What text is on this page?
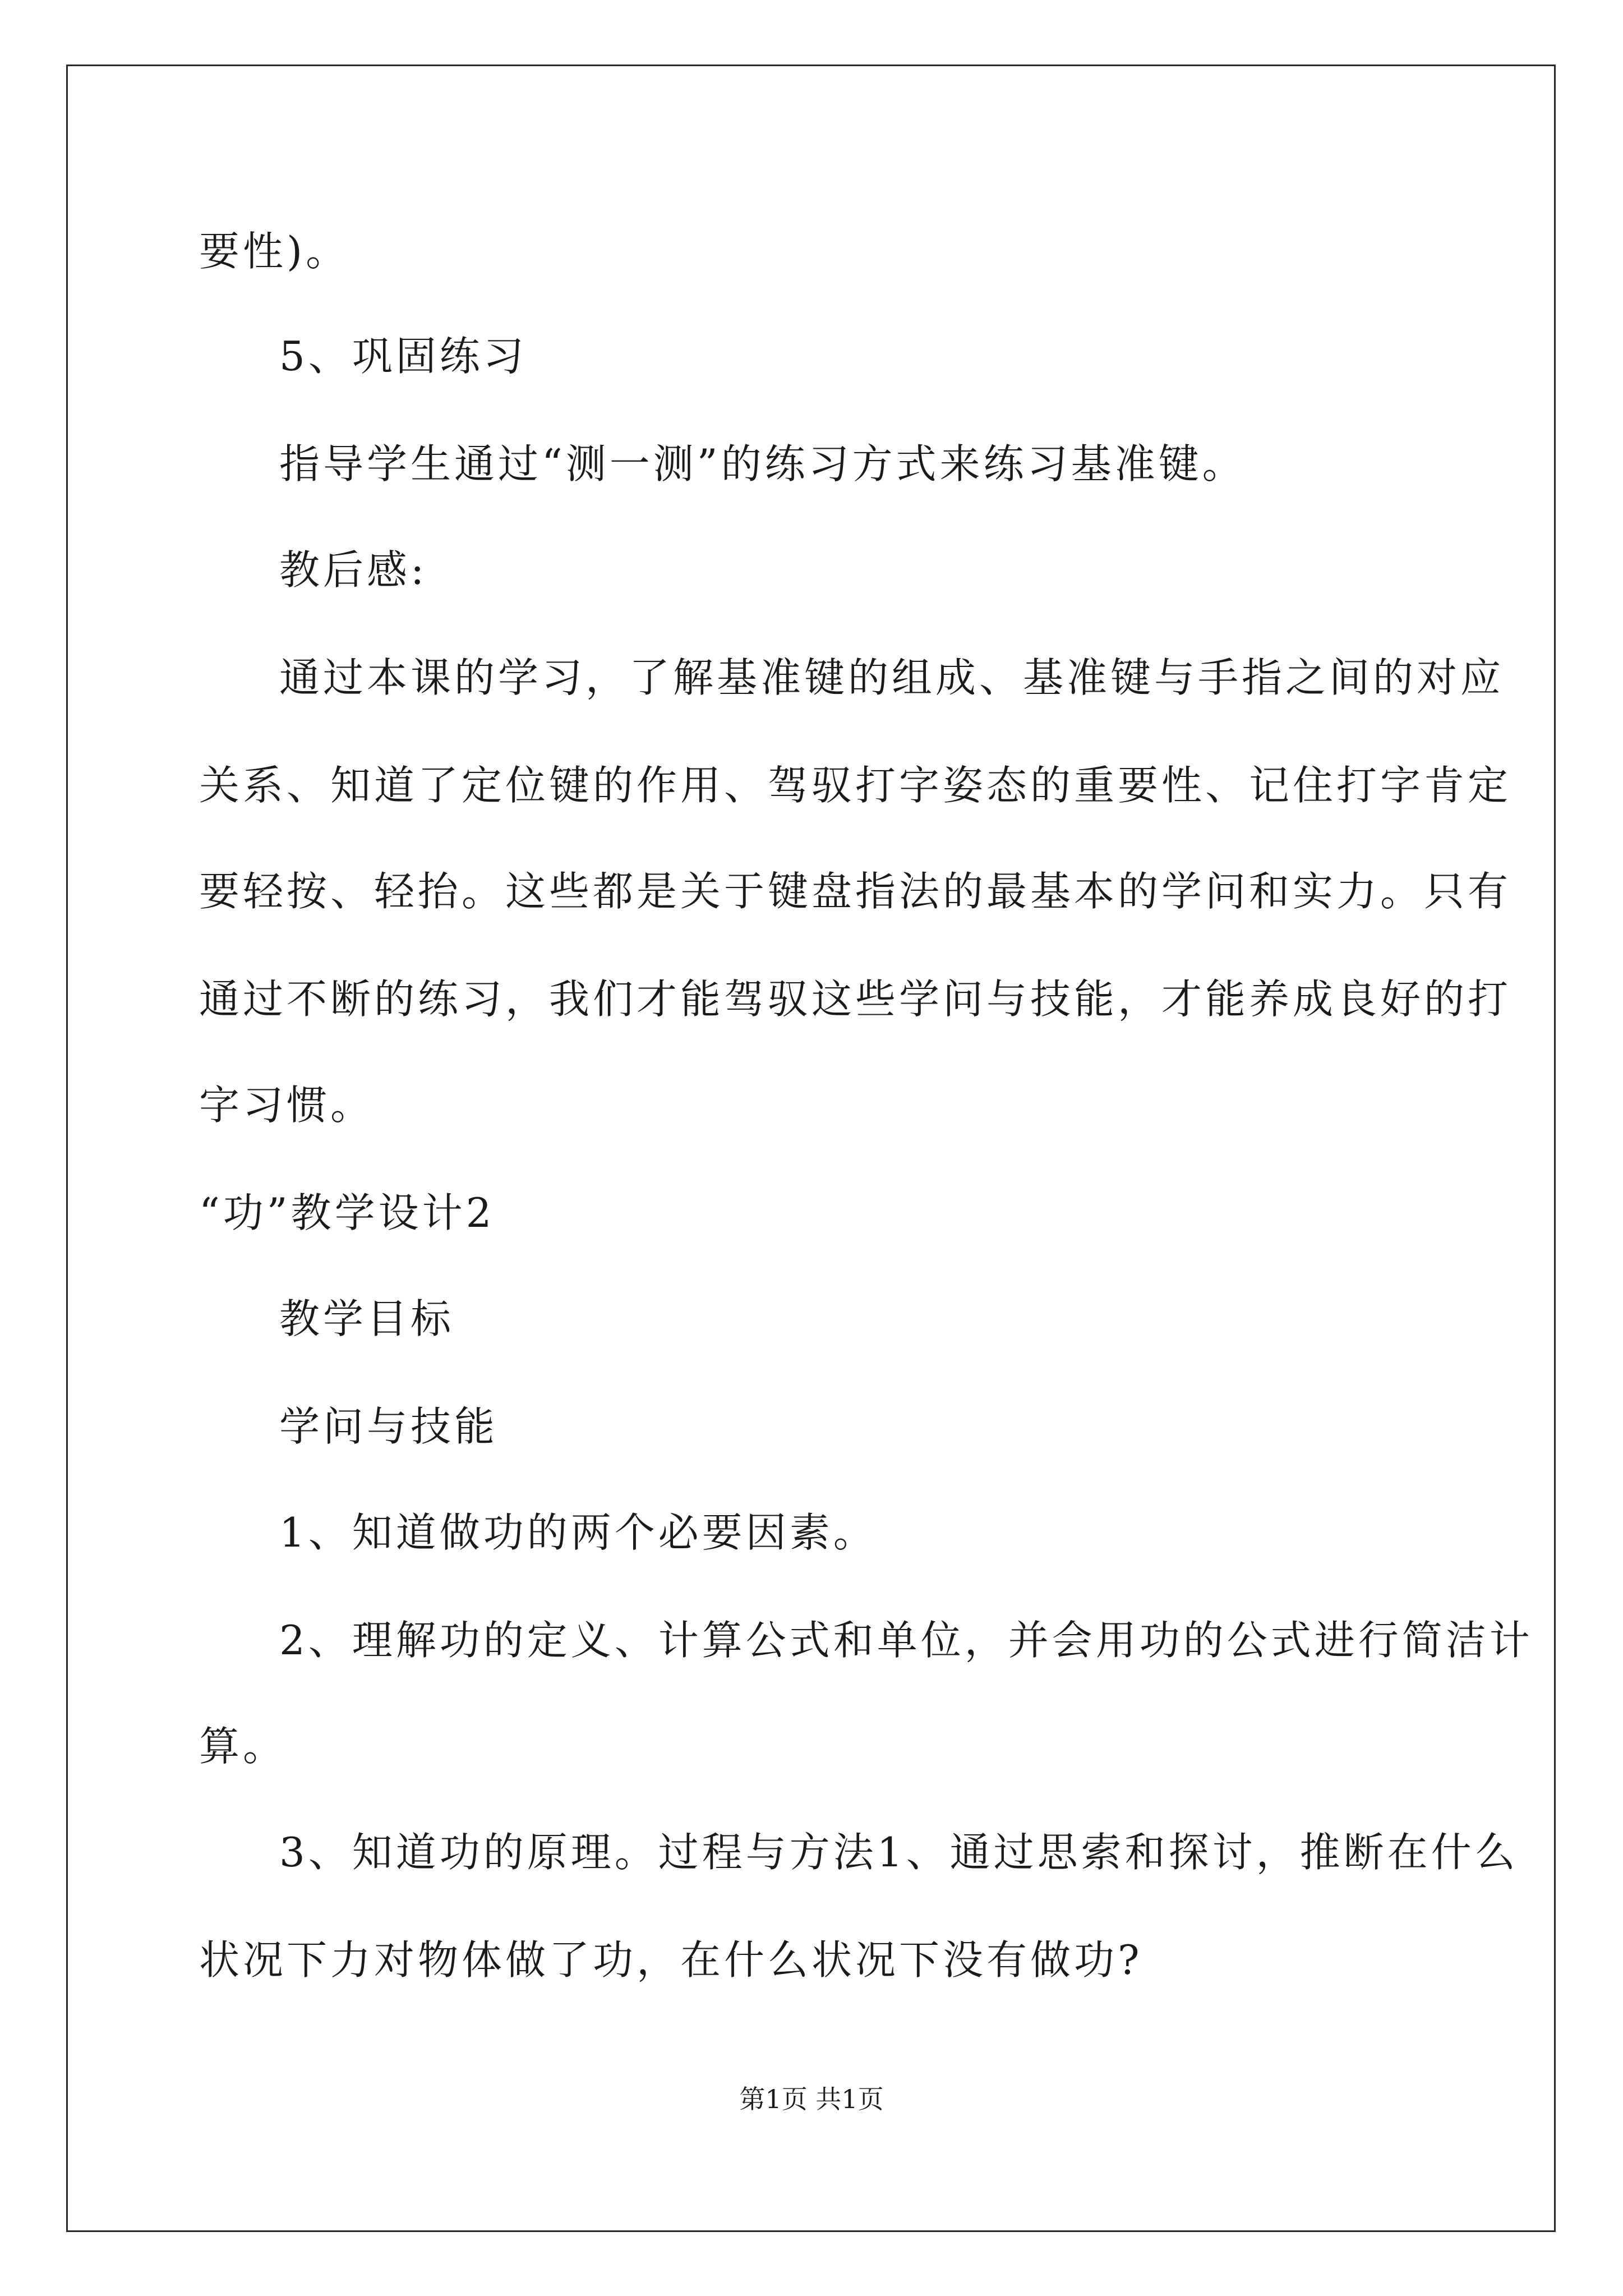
要性)。
5、巩固练习
指导学生通过“测一测”的练习方式来练习基准键。
教后感:
通过本课的学习，了解基准键的组成、基准键与手指之间的对应
关系、知道了定位键的作用、驾驭打字姿态的重要性、记住打字肯定
要轻按、轻抬。这些都是关于键盘指法的最基本的学问和实力。只有
通过不断的练习，我们才能驾驭这些学问与技能，才能养成良好的打
字习惯。
“功”教学设计2
教学目标
学问与技能
1、知道做功的两个必要因素。
2、理解功的定义、计算公式和单位，并会用功的公式进行简洁计
算。
3、知道功的原理。过程与方法1、通过思索和探讨，推断在什么
状况下力对物体做了功，在什么状况下没有做功?
第1页 共1页
